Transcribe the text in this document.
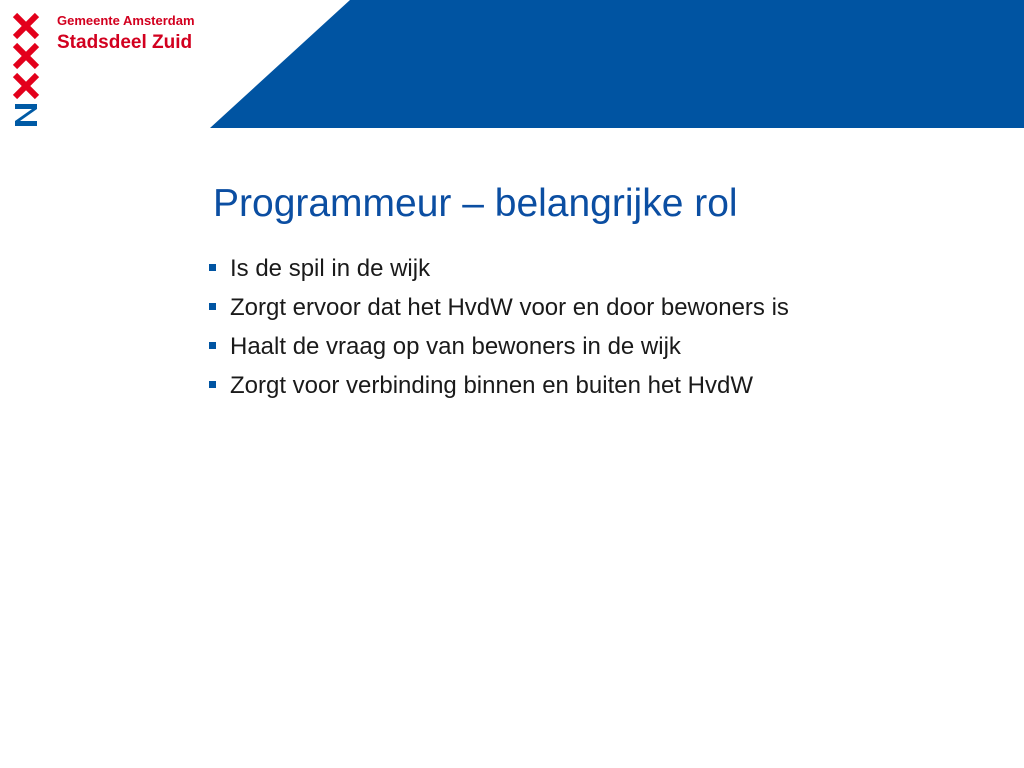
Gemeente Amsterdam
Stadsdeel Zuid
Programmeur – belangrijke rol
Is de spil in de wijk
Zorgt ervoor dat het HvdW voor en door bewoners is
Haalt de vraag op van bewoners in de wijk
Zorgt voor verbinding binnen en buiten het HvdW
